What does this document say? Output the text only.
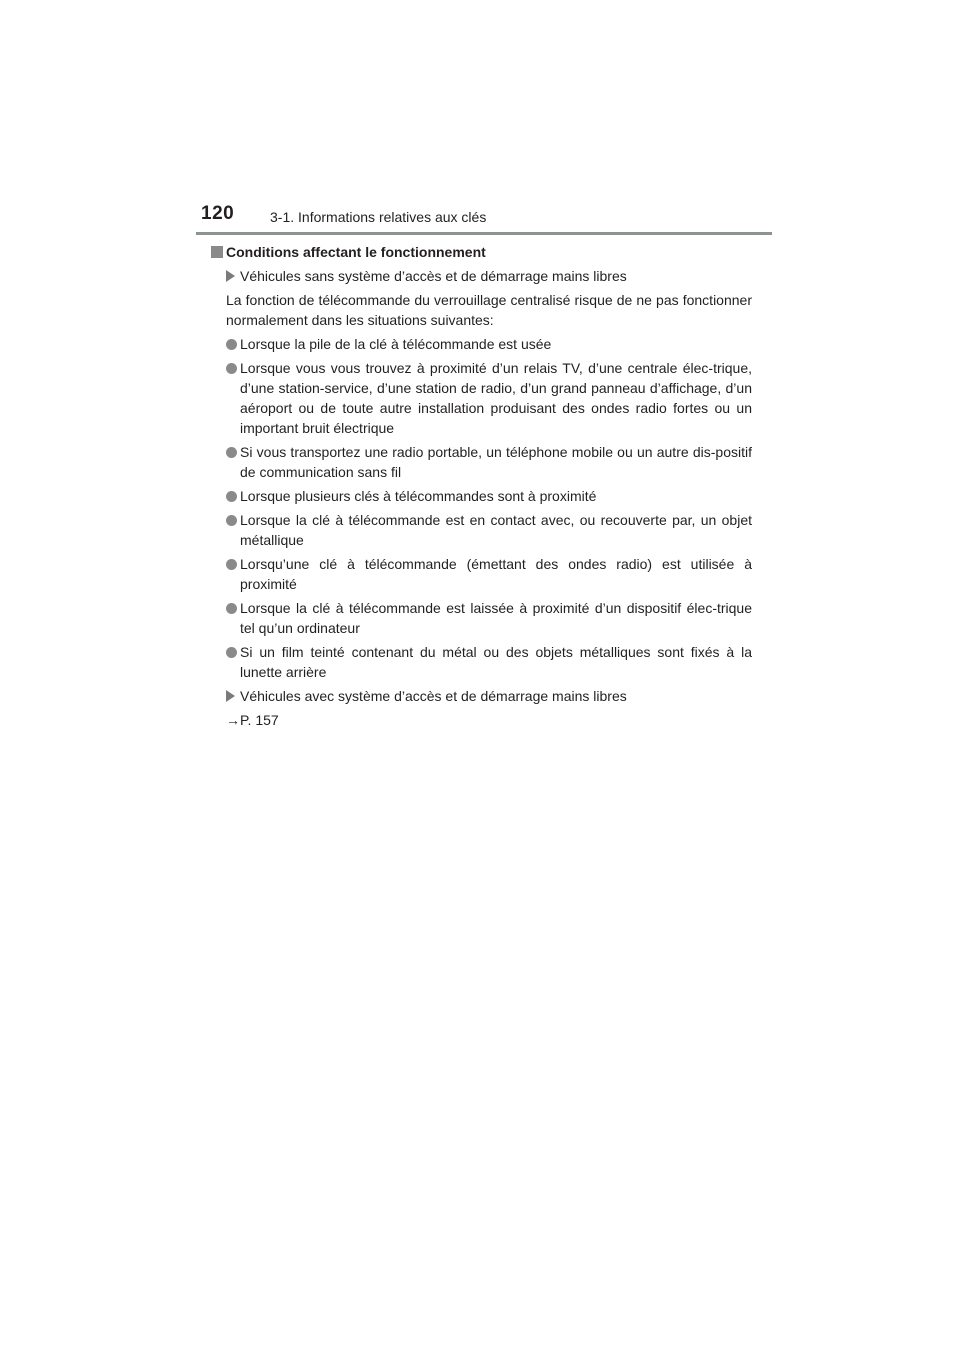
120	3-1. Informations relatives aux clés
Conditions affectant le fonctionnement
Véhicules sans système d’accès et de démarrage mains libres
La fonction de télécommande du verrouillage centralisé risque de ne pas fonctionner normalement dans les situations suivantes:
Lorsque la pile de la clé à télécommande est usée
Lorsque vous vous trouvez à proximité d’un relais TV, d’une centrale élec-trique, d’une station-service, d’une station de radio, d’un grand panneau d’affichage, d’un aéroport ou de toute autre installation produisant des ondes radio fortes ou un important bruit électrique
Si vous transportez une radio portable, un téléphone mobile ou un autre dis-positif de communication sans fil
Lorsque plusieurs clés à télécommandes sont à proximité
Lorsque la clé à télécommande est en contact avec, ou recouverte par, un objet métallique
Lorsqu’une clé à télécommande (émettant des ondes radio) est utilisée à proximité
Lorsque la clé à télécommande est laissée à proximité d’un dispositif élec-trique tel qu’un ordinateur
Si un film teinté contenant du métal ou des objets métalliques sont fixés à la lunette arrière
Véhicules avec système d’accès et de démarrage mains libres
→P. 157
